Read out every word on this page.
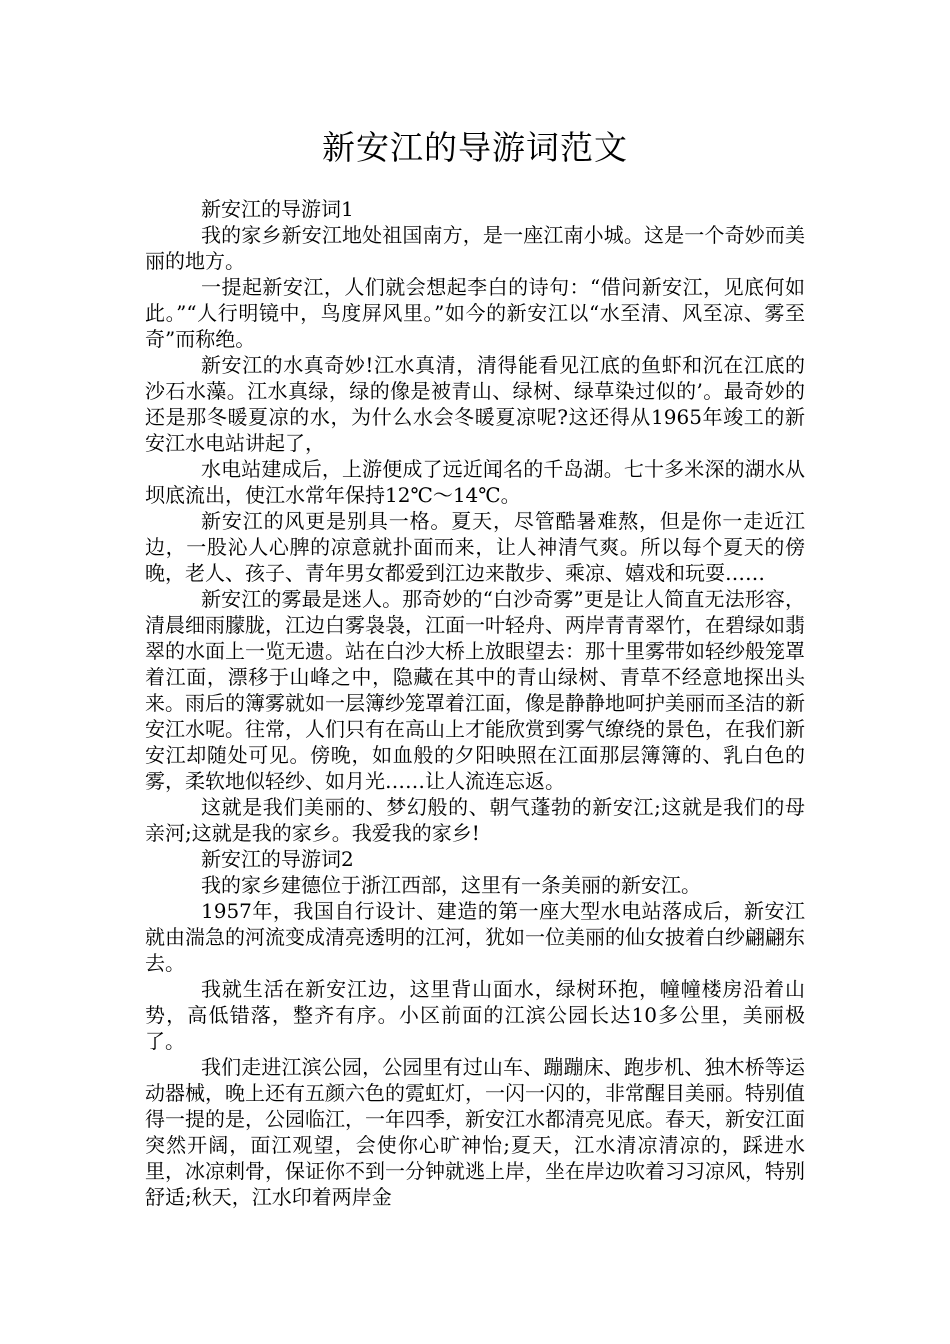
新安江的导游词范文

新安江的导游词1

我的家乡新安江地处祖国南方，是一座江南小城。这是一个奇妙而美丽的地方。

一提起新安江，人们就会想起李白的诗句：“借问新安江，见底何如此。”“人行明镜中，鸟度屏风里。”如今的新安江以“水至清、风至凉、雾至奇”而称绝。

新安江的水真奇妙!江水真清，清得能看见江底的鱼虾和沉在江底的沙石水藻。江水真绿，绿的像是被青山、绿树、绿草染过似的’。最奇妙的还是那冬暖夏凉的水，为什么水会冬暖夏凉呢?这还得从1965年竣工的新安江水电站讲起了，

水电站建成后，上游便成了远近闻名的千岛湖。七十多米深的湖水从坝底流出，使江水常年保持12℃～14℃。

新安江的风更是别具一格。夏天，尽管酷暑难熬，但是你一走近江边，一股沁人心脾的凉意就扑面而来，让人神清气爽。所以每个夏天的傍晚，老人、孩子、青年男女都爱到江边来散步、乘凉、嬉戏和玩耍……

新安江的雾最是迷人。那奇妙的“白沙奇雾”更是让人简直无法形容，清晨细雨朦胧，江边白雾袅袅，江面一叶轻舟、两岸青青翠竹，在碧绿如翡翠的水面上一览无遗。站在白沙大桥上放眼望去：那十里雾带如轻纱般笼罩着江面，漂移于山峰之中，隐藏在其中的青山绿树、青草不经意地探出头来。雨后的簿雾就如一层簿纱笼罩着江面，像是静静地呵护美丽而圣洁的新安江水呢。往常，人们只有在高山上才能欣赏到雾气缭绕的景色，在我们新安江却随处可见。傍晚，如血般的夕阳映照在江面那层簿簿的、乳白色的雾，柔软地似轻纱、如月光……让人流连忘返。

这就是我们美丽的、梦幻般的、朝气蓬勃的新安江;这就是我们的母亲河;这就是我的家乡。我爱我的家乡!

新安江的导游词2

我的家乡建德位于浙江西部，这里有一条美丽的新安江。

1957年，我国自行设计、建造的第一座大型水电站落成后，新安江就由湍急的河流变成清亮透明的江河，犹如一位美丽的仙女披着白纱翩翩东去。

我就生活在新安江边，这里背山面水，绿树环抱，幢幢楼房沿着山势，高低错落，整齐有序。小区前面的江滨公园长达10多公里，美丽极了。

我们走进江滨公园，公园里有过山车、蹦蹦床、跑步机、独木桥等运动器械，晚上还有五颜六色的霓虹灯，一闪一闪的，非常醒目美丽。特别值得一提的是，公园临江，一年四季，新安江水都清亮见底。春天，新安江面突然开阔，面江观望，会使你心旷神怡;夏天，江水清凉清凉的，踩进水里，冰凉刺骨，保证你不到一分钟就逃上岸，坐在岸边吹着习习凉风，特别舒适;秋天，江水印着两岸金
